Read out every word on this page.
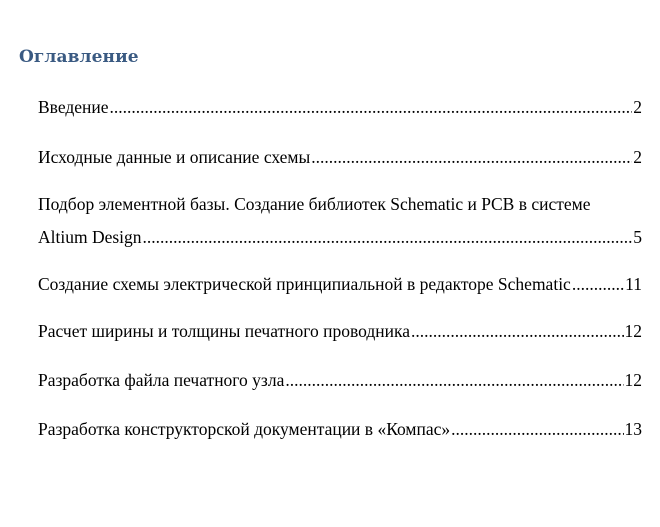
Оглавление
Введение .....	2
Исходные данные и описание схемы .....	2
Подбор элементной базы. Создание библиотек Schematic и PCB в системе
Altium Design .....	5
Создание схемы электрической принципиальной в редакторе Schematic .....	11
Расчет ширины и толщины печатного проводника .....	12
Разработка файла печатного узла .....	12
Разработка конструкторской документации в «Компас» .....	13
